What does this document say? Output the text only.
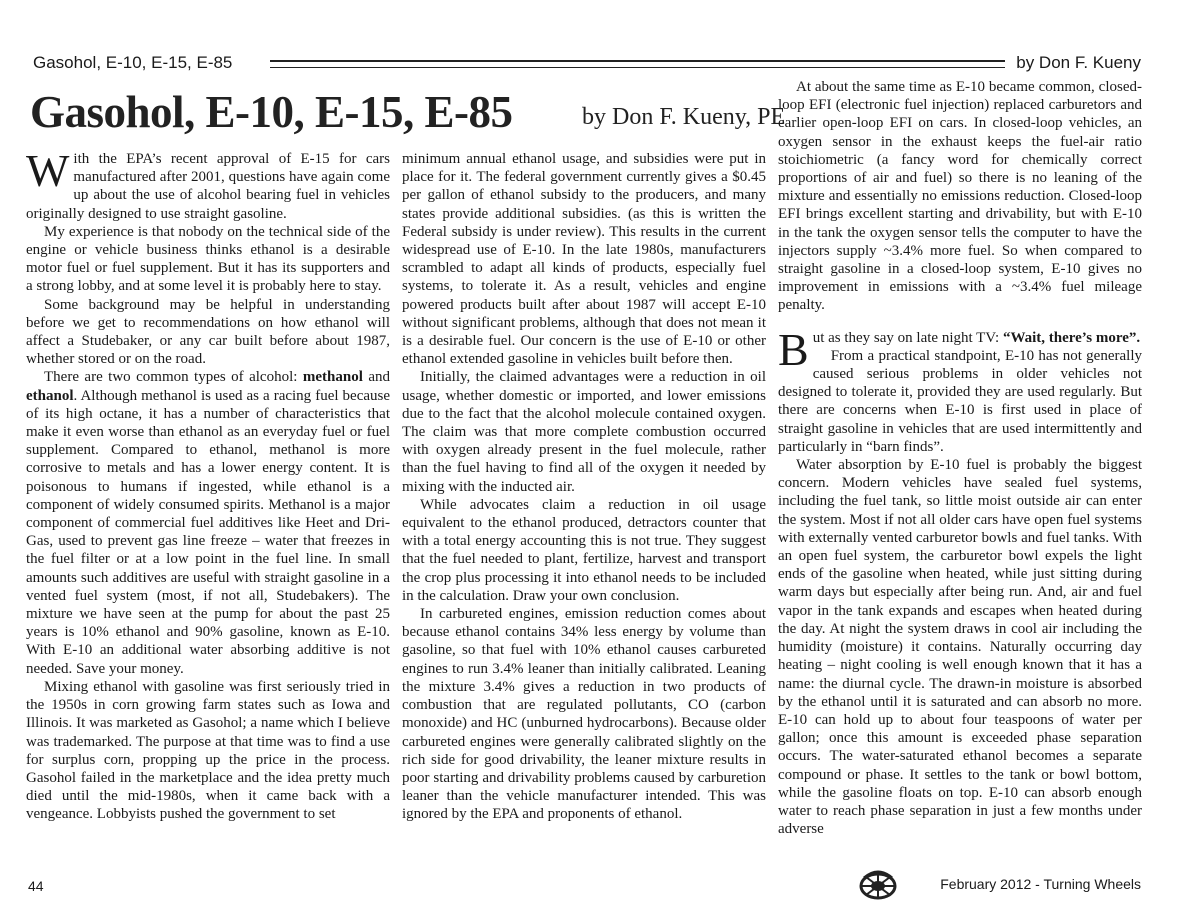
Gasohol, E-10, E-15, E-85	by Don F. Kueny
Gasohol, E-10, E-15, E-85	by Don F. Kueny, PE

With the EPA’s recent approval of E-15 for cars manufactured after 2001, questions have again come up about the use of alcohol bearing fuel in vehicles originally designed to use straight gasoline.

My experience is that nobody on the technical side of the engine or vehicle business thinks ethanol is a desirable motor fuel or fuel supplement. But it has its supporters and a strong lobby, and at some level it is probably here to stay.

Some background may be helpful in understanding before we get to recommendations on how ethanol will affect a Studebaker, or any car built before about 1987, whether stored or on the road.

There are two common types of alcohol: methanol and ethanol. Although methanol is used as a racing fuel because of its high octane, it has a number of characteristics that make it even worse than ethanol as an everyday fuel or fuel supplement. Compared to ethanol, methanol is more corrosive to metals and has a lower energy content. It is poisonous to humans if ingested, while ethanol is a component of widely consumed spirits. Methanol is a major component of commercial fuel additives like Heet and Dri-Gas, used to prevent gas line freeze – water that freezes in the fuel filter or at a low point in the fuel line. In small amounts such additives are useful with straight gasoline in a vented fuel system (most, if not all, Studebakers). The mixture we have seen at the pump for about the past 25 years is 10% ethanol and 90% gasoline, known as E-10. With E-10 an additional water absorbing additive is not needed. Save your money.

Mixing ethanol with gasoline was first seriously tried in the 1950s in corn growing farm states such as Iowa and Illinois. It was marketed as Gasohol; a name which I believe was trademarked. The purpose at that time was to find a use for surplus corn, propping up the price in the process. Gasohol failed in the marketplace and the idea pretty much died until the mid-1980s, when it came back with a vengeance. Lobbyists pushed the government to set

minimum annual ethanol usage, and subsidies were put in place for it. The federal government currently gives a $0.45 per gallon of ethanol subsidy to the producers, and many states provide additional subsidies. (as this is written the Federal subsidy is under review). This results in the current widespread use of E-10. In the late 1980s, manufacturers scrambled to adapt all kinds of products, especially fuel systems, to tolerate it. As a result, vehicles and engine powered products built after about 1987 will accept E-10 without significant problems, although that does not mean it is a desirable fuel. Our concern is the use of E-10 or other ethanol extended gasoline in vehicles built before then.

Initially, the claimed advantages were a reduction in oil usage, whether domestic or imported, and lower emissions due to the fact that the alcohol molecule contained oxygen. The claim was that more complete combustion occurred with oxygen already present in the fuel molecule, rather than the fuel having to find all of the oxygen it needed by mixing with the inducted air.

While advocates claim a reduction in oil usage equivalent to the ethanol produced, detractors counter that with a total energy accounting this is not true. They suggest that the fuel needed to plant, fertilize, harvest and transport the crop plus processing it into ethanol needs to be included in the calculation. Draw your own conclusion.

In carbureted engines, emission reduction comes about because ethanol contains 34% less energy by volume than gasoline, so that fuel with 10% ethanol causes carbureted engines to run 3.4% leaner than initially calibrated. Leaning the mixture 3.4% gives a reduction in two products of combustion that are regulated pollutants, CO (carbon monoxide) and HC (unburned hydrocarbons). Because older carbureted engines were generally calibrated slightly on the rich side for good drivability, the leaner mixture results in poor starting and drivability problems caused by carburetion leaner than the vehicle manufacturer intended. This was ignored by the EPA and proponents of ethanol.

At about the same time as E-10 became common, closed-loop EFI (electronic fuel injection) replaced carburetors and earlier open-loop EFI on cars. In closed-loop vehicles, an oxygen sensor in the exhaust keeps the fuel-air ratio stoichiometric (a fancy word for chemically correct proportions of air and fuel) so there is no leaning of the mixture and essentially no emissions reduction. Closed-loop EFI brings excellent starting and drivability, but with E-10 in the tank the oxygen sensor tells the computer to have the injectors supply ~3.4% more fuel. So when compared to straight gasoline in a closed-loop system, E-10 gives no improvement in emissions with a ~3.4% fuel mileage penalty.

But as they say on late night TV: “Wait, there’s more”.

From a practical standpoint, E-10 has not generally caused serious problems in older vehicles not designed to tolerate it, provided they are used regularly. But there are concerns when E-10 is first used in place of straight gasoline in vehicles that are used intermittently and particularly in “barn finds”.

Water absorption by E-10 fuel is probably the biggest concern. Modern vehicles have sealed fuel systems, including the fuel tank, so little moist outside air can enter the system. Most if not all older cars have open fuel systems with externally vented carburetor bowls and fuel tanks. With an open fuel system, the carburetor bowl expels the light ends of the gasoline when heated, while just sitting during warm days but especially after being run. And, air and fuel vapor in the tank expands and escapes when heated during the day. At night the system draws in cool air including the humidity (moisture) it contains. Naturally occurring day heating – night cooling is well enough known that it has a name: the diurnal cycle. The drawn-in moisture is absorbed by the ethanol until it is saturated and can absorb no more. E-10 can hold up to about four teaspoons of water per gallon; once this amount is exceeded phase separation occurs. The water-saturated ethanol becomes a separate compound or phase. It settles to the tank or bowl bottom, while the gasoline floats on top. E-10 can absorb enough water to reach phase separation in just a few months under adverse

44	February 2012 - Turning Wheels
